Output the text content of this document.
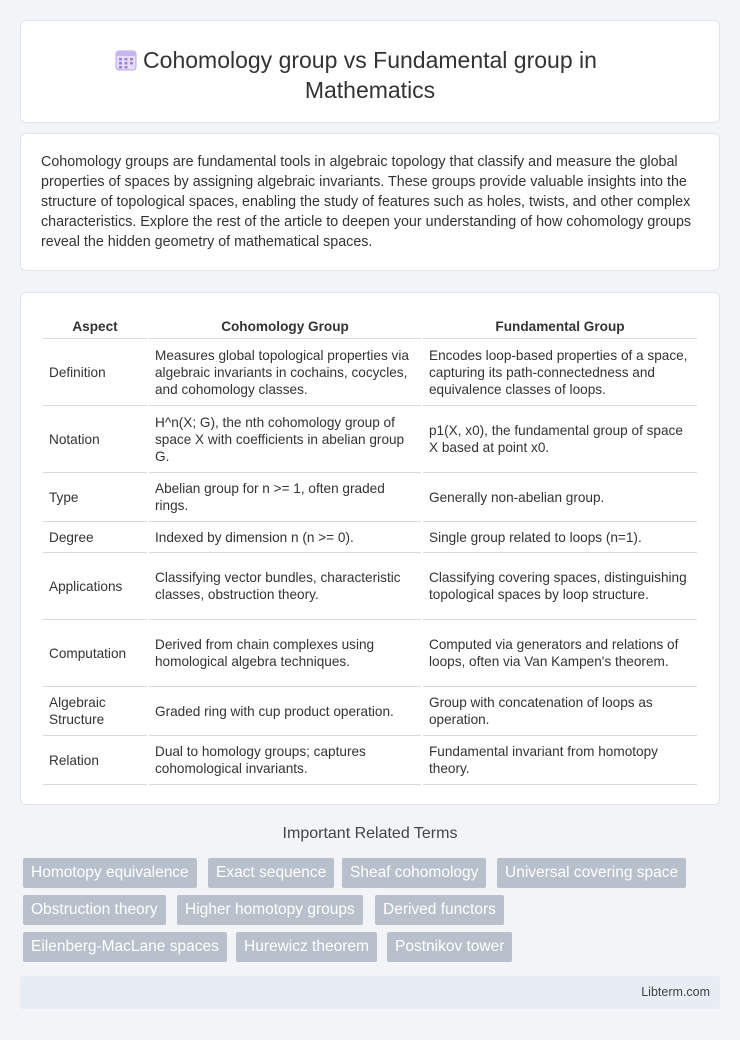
Cohomology group vs Fundamental group in Mathematics

Cohomology groups are fundamental tools in algebraic topology that classify and measure the global properties of spaces by assigning algebraic invariants. These groups provide valuable insights into the structure of topological spaces, enabling the study of features such as holes, twists, and other complex characteristics. Explore the rest of the article to deepen your understanding of how cohomology groups reveal the hidden geometry of mathematical spaces.

Aspect	Cohomology Group	Fundamental Group
Definition	Measures global topological properties via algebraic invariants in cochains, cocycles, and cohomology classes.	Encodes loop-based properties of a space, capturing its path-connectedness and equivalence classes of loops.
Notation	H^n(X; G), the nth cohomology group of space X with coefficients in abelian group G.	p1(X, x0), the fundamental group of space X based at point x0.
Type	Abelian group for n >= 1, often graded rings.	Generally non-abelian group.
Degree	Indexed by dimension n (n >= 0).	Single group related to loops (n=1).
Applications	Classifying vector bundles, characteristic classes, obstruction theory.	Classifying covering spaces, distinguishing topological spaces by loop structure.
Computation	Derived from chain complexes using homological algebra techniques.	Computed via generators and relations of loops, often via Van Kampen's theorem.
Algebraic Structure	Graded ring with cup product operation.	Group with concatenation of loops as operation.
Relation	Dual to homology groups; captures cohomological invariants.	Fundamental invariant from homotopy theory.
Important Related Terms
Homotopy equivalence	Exact sequence	Sheaf cohomology	Universal covering space
Obstruction theory	Higher homotopy groups	Derived functors
Eilenberg-MacLane spaces	Hurewicz theorem	Postnikov tower
Libterm.com
